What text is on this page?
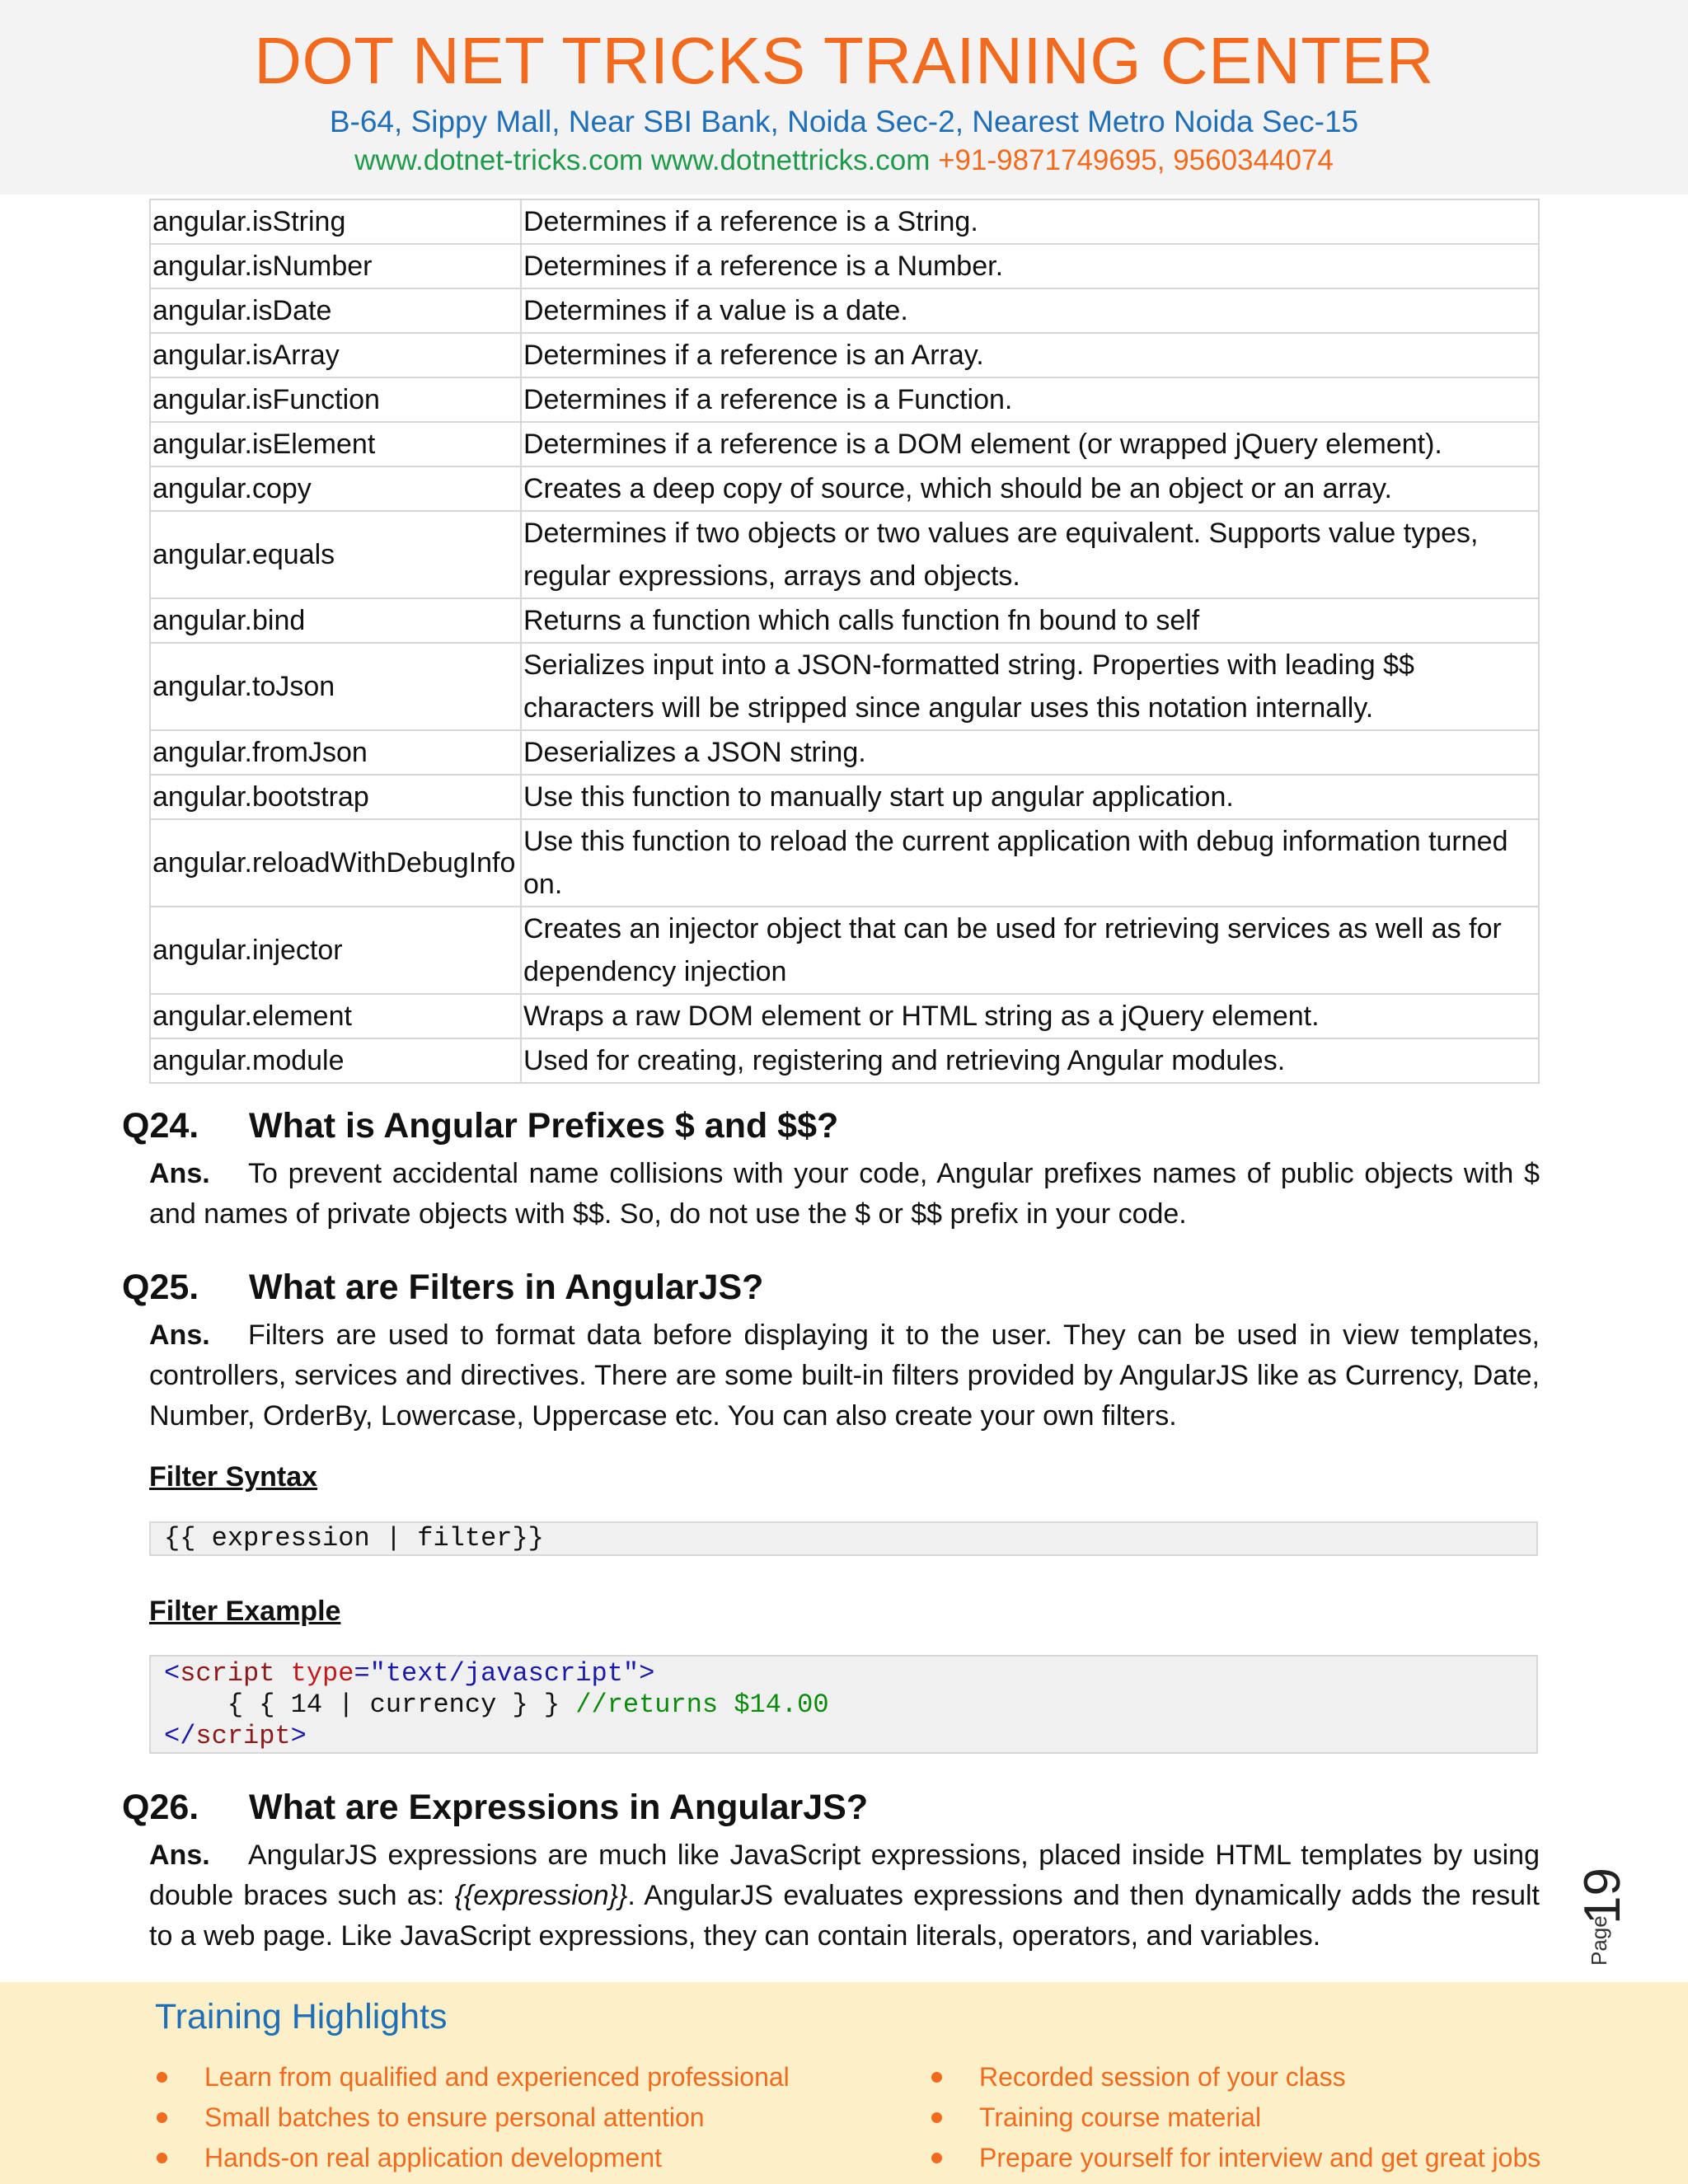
DOT NET TRICKS TRAINING CENTER
B-64, Sippy Mall, Near SBI Bank, Noida Sec-2, Nearest Metro Noida Sec-15
www.dotnet-tricks.com www.dotnettricks.com +91-9871749695, 9560344074
angular.isString	Determines if a reference is a String.
angular.isNumber	Determines if a reference is a Number.
angular.isDate	Determines if a value is a date.
angular.isArray	Determines if a reference is an Array.
angular.isFunction	Determines if a reference is a Function.
angular.isElement	Determines if a reference is a DOM element (or wrapped jQuery element).
angular.copy	Creates a deep copy of source, which should be an object or an array.
angular.equals	Determines if two objects or two values are equivalent. Supports value types, regular expressions, arrays and objects.
angular.bind	Returns a function which calls function fn bound to self
angular.toJson	Serializes input into a JSON-formatted string. Properties with leading $$ characters will be stripped since angular uses this notation internally.
angular.fromJson	Deserializes a JSON string.
angular.bootstrap	Use this function to manually start up angular application.
angular.reloadWithDebugInfo	Use this function to reload the current application with debug information turned on.
angular.injector	Creates an injector object that can be used for retrieving services as well as for dependency injection
angular.element	Wraps a raw DOM element or HTML string as a jQuery element.
angular.module	Used for creating, registering and retrieving Angular modules.
Q24. What is Angular Prefixes $ and $$?
Ans. To prevent accidental name collisions with your code, Angular prefixes names of public objects with $ and names of private objects with $$. So, do not use the $ or $$ prefix in your code.
Q25. What are Filters in AngularJS?
Ans. Filters are used to format data before displaying it to the user. They can be used in view templates, controllers, services and directives. There are some built-in filters provided by AngularJS like as Currency, Date, Number, OrderBy, Lowercase, Uppercase etc. You can also create your own filters.
Filter Syntax
{{ expression | filter}}
Filter Example
<script type="text/javascript">
{ { 14 | currency } } //returns $14.00
</script>
Q26. What are Expressions in AngularJS?
Ans. AngularJS expressions are much like JavaScript expressions, placed inside HTML templates by using double braces such as: {{expression}}. AngularJS evaluates expressions and then dynamically adds the result to a web page. Like JavaScript expressions, they can contain literals, operators, and variables.	Page
19
Training Highlights
Learn from qualified and experienced professional
Small batches to ensure personal attention
Hands-on real application development
Recorded session of your class
Training course material
Prepare yourself for interview and get great jobs
